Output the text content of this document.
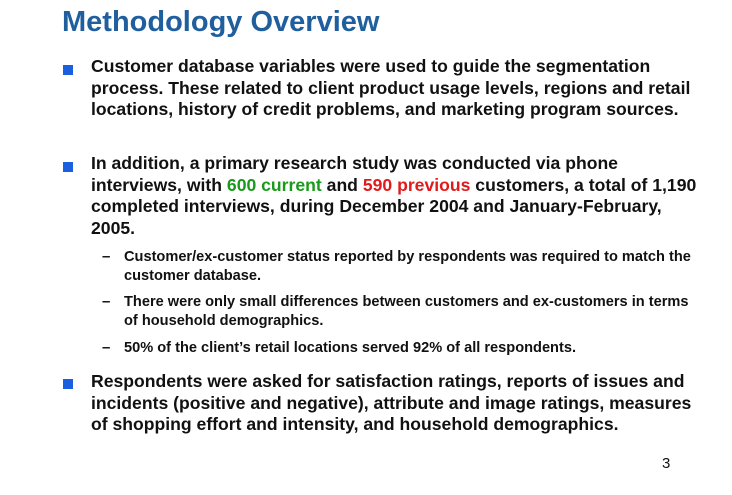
Methodology Overview
Customer database variables were used to guide the segmentation process. These related to client product usage levels, regions and retail locations, history of credit problems, and marketing program sources.
In addition, a primary research study was conducted via phone interviews, with 600 current and 590 previous customers, a total of 1,190 completed interviews, during December 2004 and January-February, 2005.
– Customer/ex-customer status reported by respondents was required to match the customer database.
– There were only small differences between customers and ex-customers in terms of household demographics.
– 50% of the client’s retail locations served 92% of all respondents.
Respondents were asked for satisfaction ratings, reports of issues and incidents (positive and negative), attribute and image ratings, measures of shopping effort and intensity, and household demographics.
3
